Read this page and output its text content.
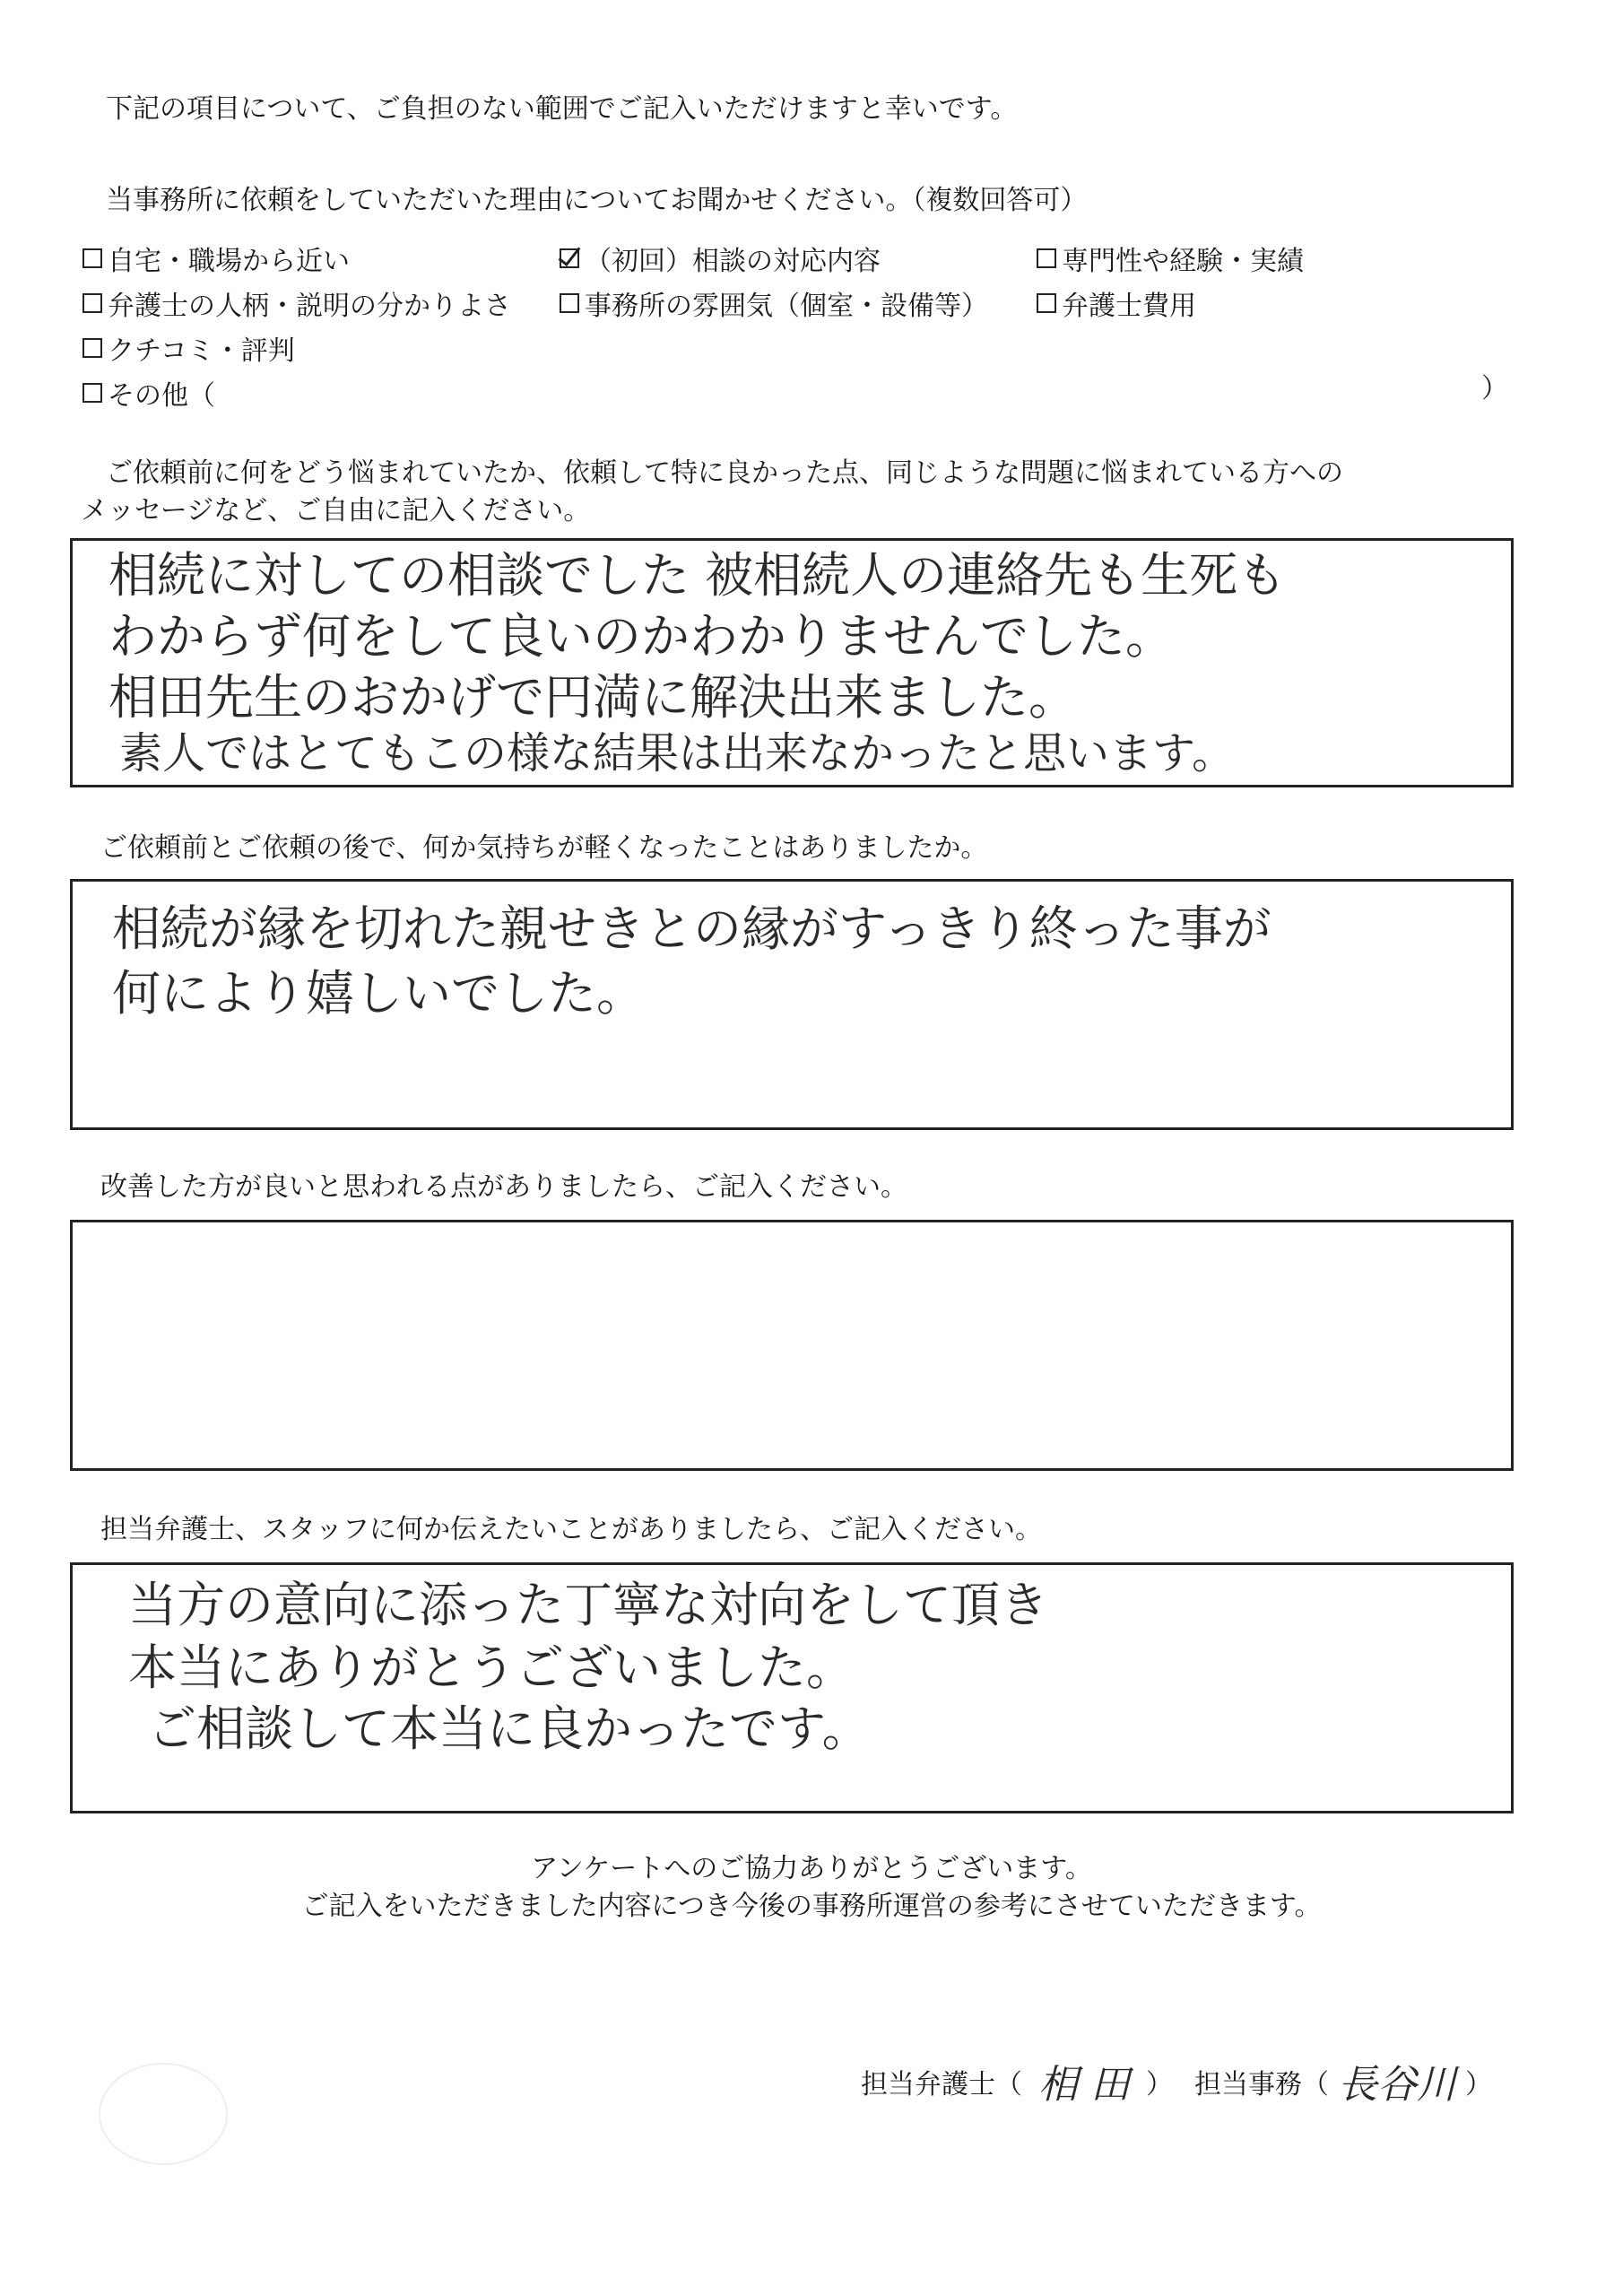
下記の項目について、ご負担のない範囲でご記入いただけますと幸いです。
当事務所に依頼をしていただいた理由についてお聞かせください。（複数回答可）
自宅・職場から近い	（初回）相談の対応内容	専門性や経験・実績
弁護士の人柄・説明の分かりよさ	事務所の雰囲気（個室・設備等）	弁護士費用
クチコミ・評判
その他（	）
ご依頼前に何をどう悩まれていたか、依頼して特に良かった点、同じような問題に悩まれている方への
メッセージなど、ご自由に記入ください。
相続に対しての相談でした 被相続人の連絡先も生死も
わからず何をして良いのかわかりませんでした。
相田先生のおかげで円満に解決出来ました。
素人ではとてもこの様な結果は出来なかったと思います。
ご依頼前とご依頼の後で、何か気持ちが軽くなったことはありましたか。
相続が縁を切れた親せきとの縁がすっきり終った事が
何により嬉しいでした。
改善した方が良いと思われる点がありましたら、ご記入ください。
担当弁護士、スタッフに何か伝えたいことがありましたら、ご記入ください。
当方の意向に添った丁寧な対向をして頂き
本当にありがとうございました。
ご相談して本当に良かったです。
アンケートへのご協力ありがとうございます。
ご記入をいただきました内容につき今後の事務所運営の参考にさせていただきます。
担当弁護士（ 相 田 ） 担当事務（ 長谷川 ）
